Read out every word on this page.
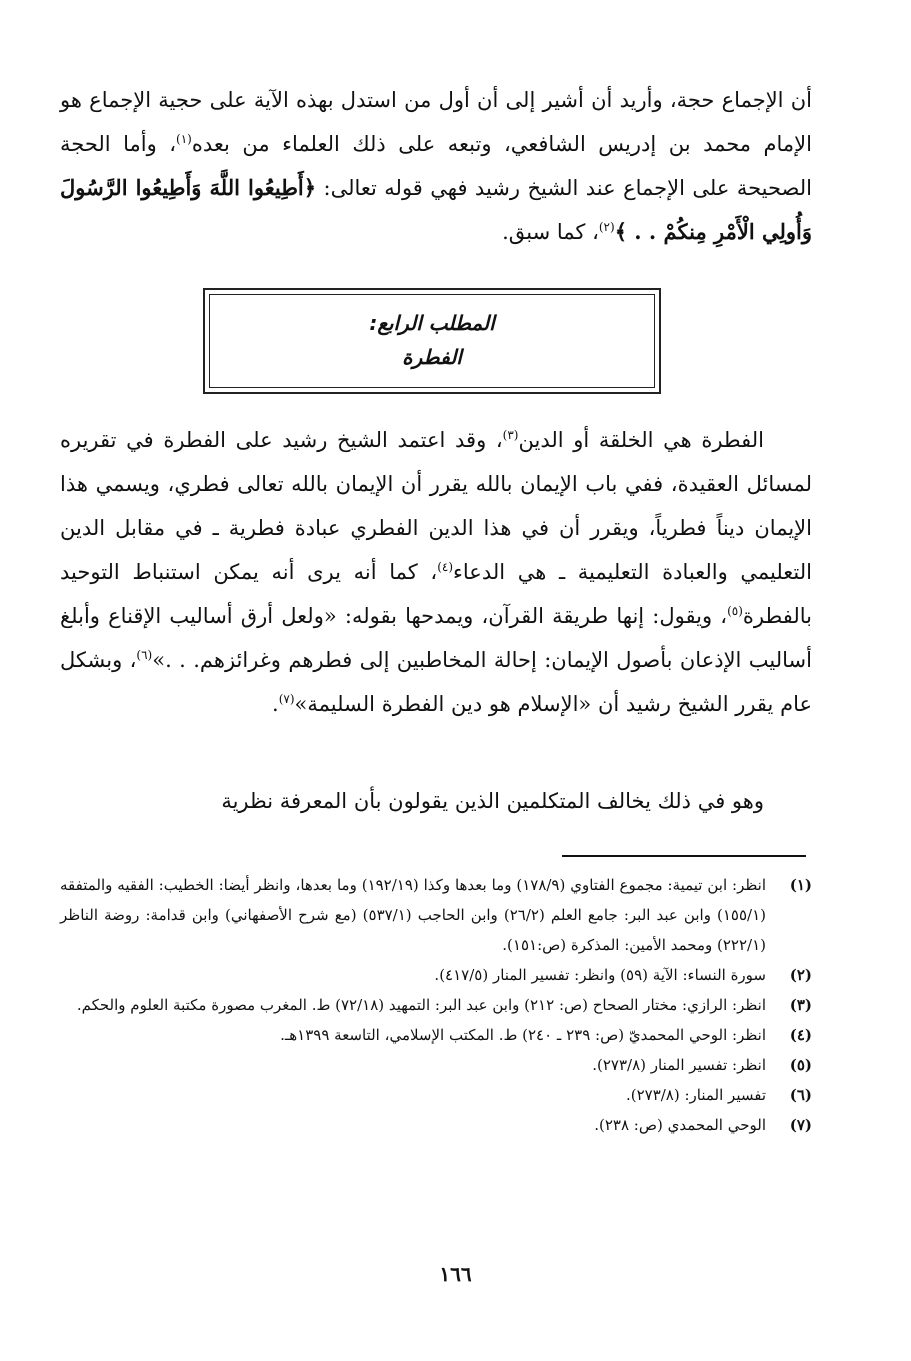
أن الإجماع حجة، وأريد أن أشير إلى أن أول من استدل بهذه الآية على حجية الإجماع هو الإمام محمد بن إدريس الشافعي، وتبعه على ذلك العلماء من بعده$^{(١)}$، وأما الحجة الصحيحة على الإجماع عند الشيخ رشيد فهي قوله تعالى: ﴿أَطِيعُوا اللَّهَ وَأَطِيعُوا الرَّسُولَ وَأُولِي الْأَمْرِ مِنكُمْ . . ﴾$^{(٢)}$، كما سبق.

المطلب الرابع:
الفطرة

الفطرة هي الخلقة أو الدين$^{(٣)}$، وقد اعتمد الشيخ رشيد على الفطرة في تقريره لمسائل العقيدة، ففي باب الإيمان بالله يقرر أن الإيمان بالله تعالى فطري، ويسمي هذا الإيمان ديناً فطرياً، ويقرر أن في هذا الدين الفطري عبادة فطرية ـ في مقابل الدين التعليمي والعبادة التعليمية ـ هي الدعاء$^{(٤)}$، كما أنه يرى أنه يمكن استنباط التوحيد بالفطرة$^{(٥)}$، ويقول: إنها طريقة القرآن، ويمدحها بقوله: «ولعل أرق أساليب الإقناع وأبلغ أساليب الإذعان بأصول الإيمان: إحالة المخاطبين إلى فطرهم وغرائزهم. . .»$^{(٦)}$، وبشكل عام يقرر الشيخ رشيد أن «الإسلام هو دين الفطرة السليمة»$^{(٧)}$.

وهو في ذلك يخالف المتكلمين الذين يقولون بأن المعرفة نظرية

(١)
انظر: ابن تيمية: مجموع الفتاوي (١٧٨/٩) وما بعدها وكذا (١٩٢/١٩) وما بعدها، وانظر أيضا: الخطيب: الفقيه والمتفقه (١٥٥/١) وابن عبد البر: جامع العلم (٢٦/٢) وابن الحاجب (٥٣٧/١) (مع شرح الأصفهاني) وابن قدامة: روضة الناظر (٢٢٢/١) ومحمد الأمين: المذكرة (ص:١٥١).
(٢)
سورة النساء: الآية (٥٩) وانظر: تفسير المنار (٤١٧/٥).
(٣)
انظر: الرازي: مختار الصحاح (ص: ٢١٢) وابن عبد البر: التمهيد (٧٢/١٨) ط. المغرب مصورة مكتبة العلوم والحكم.
(٤)
انظر: الوحي المحمديّ (ص: ٢٣٩ ـ ٢٤٠) ط. المكتب الإسلامي، التاسعة ١٣٩٩هـ.
(٥)
انظر: تفسير المنار (٢٧٣/٨).
(٦)
تفسير المنار: (٢٧٣/٨).
(٧)
الوحي المحمدي (ص: ٢٣٨).
١٦٦
